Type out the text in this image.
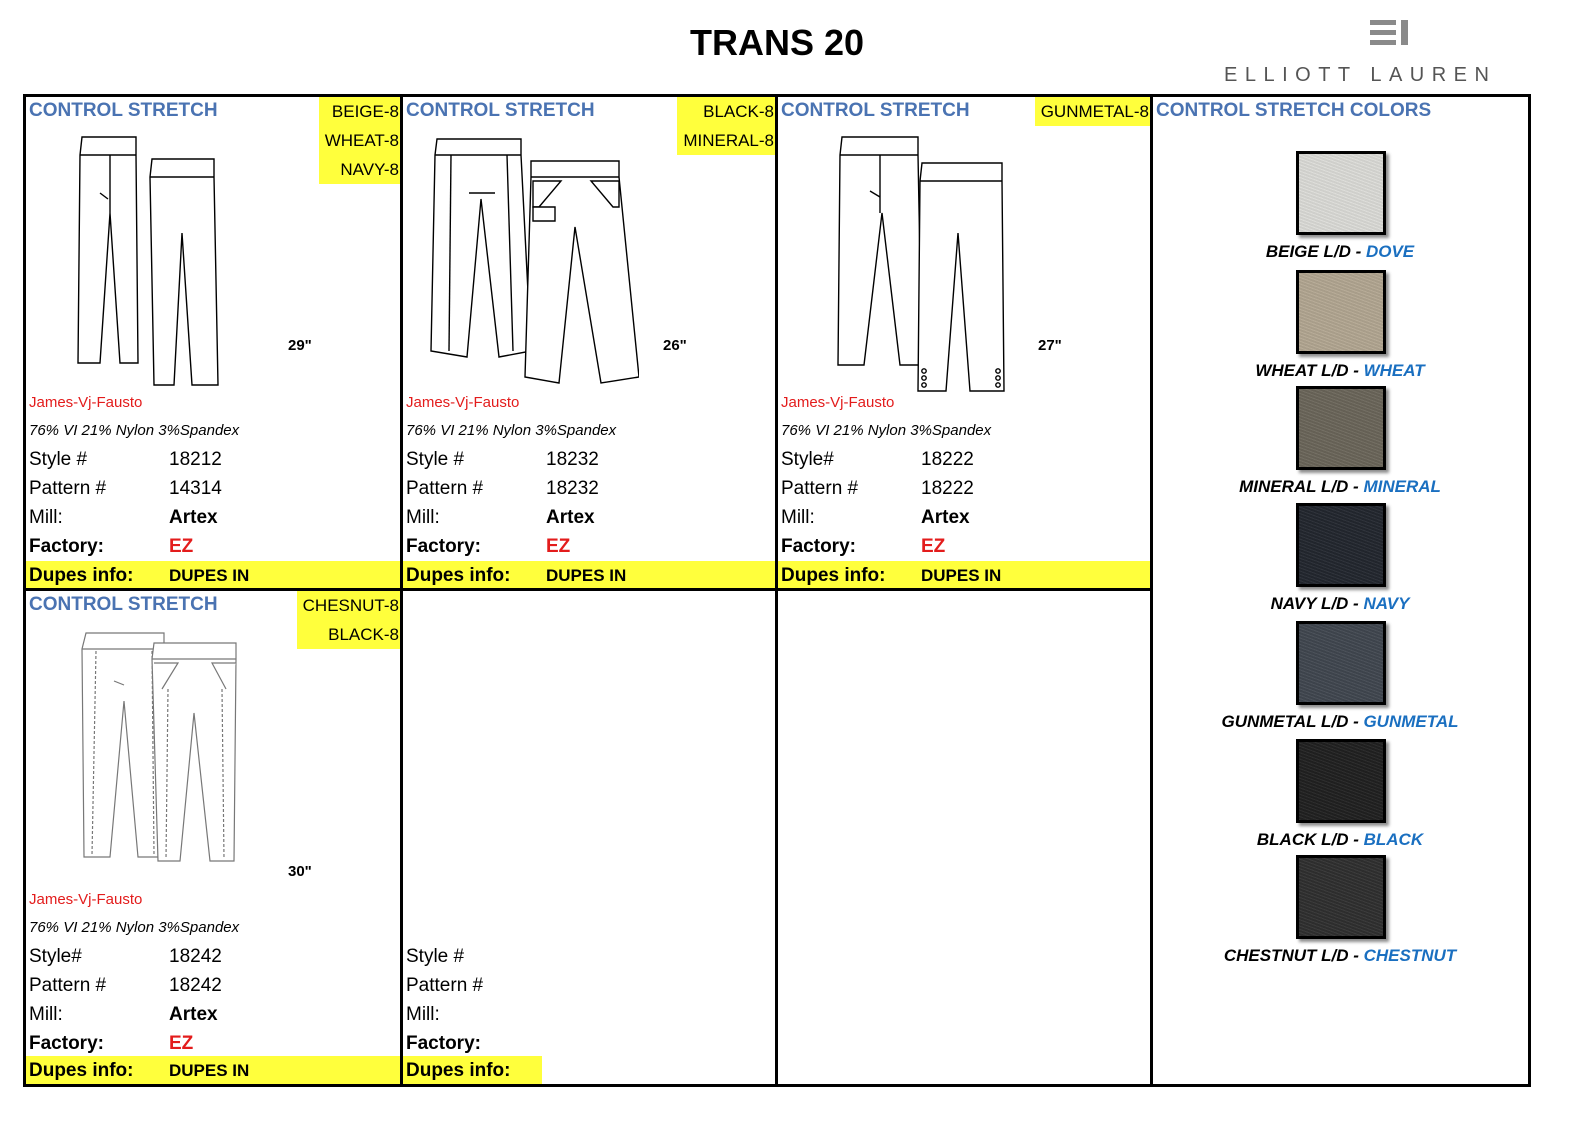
TRANS 20
ELLIOTT LAUREN
CONTROL STRETCH	BEIGE-8
WHEAT-8
NAVY-8
29"
James-Vj-Fausto
76% VI 21% Nylon 3%Spandex
Style #	18212
Pattern #	14314
Mill:	Artex
Factory:	EZ
Dupes info: DUPES IN
CONTROL STRETCH	BLACK-8
MINERAL-8
26"
James-Vj-Fausto
76% VI 21% Nylon 3%Spandex
Style #	18232
Pattern #	18232
Mill:	Artex
Factory:	EZ
Dupes info: DUPES IN
CONTROL STRETCH	GUNMETAL-8
27"
James-Vj-Fausto
76% VI 21% Nylon 3%Spandex
Style#	18222
Pattern #	18222
Mill:	Artex
Factory:	EZ
Dupes info: DUPES IN
CONTROL STRETCH	CHESNUT-8
BLACK-8
30"
James-Vj-Fausto
76% VI 21% Nylon 3%Spandex
Style#	18242
Pattern #	18242
Mill:	Artex
Factory:	EZ
Dupes info: DUPES IN
Style #
Pattern #
Mill:
Factory:
Dupes info:
CONTROL STRETCH COLORS
BEIGE L/D - DOVE
WHEAT L/D - WHEAT
MINERAL L/D - MINERAL
NAVY L/D - NAVY
GUNMETAL L/D - GUNMETAL
BLACK L/D - BLACK
CHESTNUT L/D - CHESTNUT
